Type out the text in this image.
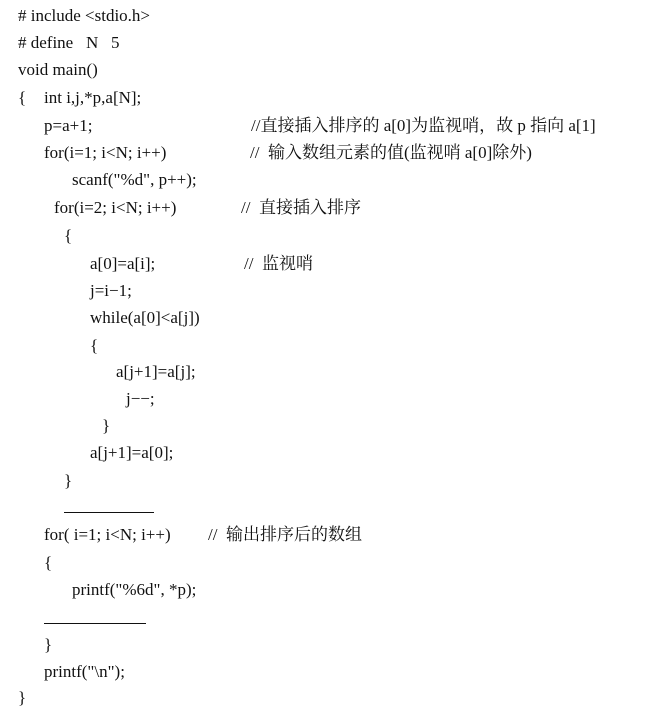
# include <stdio.h>
# define   N   5
void main()
{ int i,j,*p,a[N];
p=a+1;	//直接插入排序的 a[0]为监视哨，故 p 指向 a[1]
for(i=1; i<N; i++)	//  输入数组元素的值(监视哨 a[0]除外)
scanf("%d", p++);
for(i=2; i<N; i++)	//  直接插入排序
{
a[0]=a[i];	//  监视哨
j=i−1;
while(a[0]<a[j])
{
a[j+1]=a[j];
j−−;
}
a[j+1]=a[0];
}
for( i=1; i<N; i++) //  输出排序后的数组
{
printf("%6d", *p);
}
printf("\n");
}
